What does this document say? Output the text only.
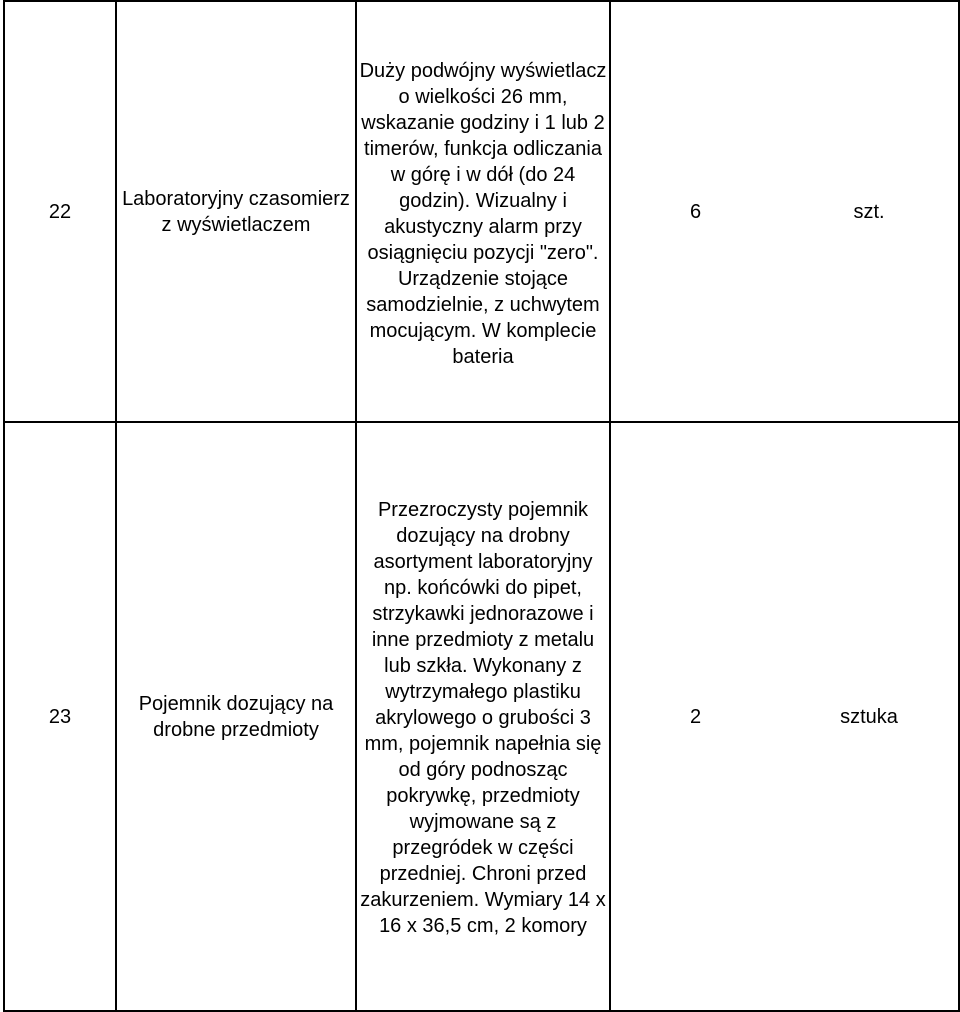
22	Laboratoryjny czasomierz z wyświetlaczem	Duży podwójny wyświetlacz o wielkości 26 mm, wskazanie godziny i 1 lub 2 timerów, funkcja odliczania w górę i w dół (do 24 godzin). Wizualny i akustyczny alarm przy osiągnięciu pozycji "zero". Urządzenie stojące samodzielnie, z uchwytem mocującym. W komplecie bateria	6	szt.
23	Pojemnik dozujący na drobne przedmioty	Przezroczysty pojemnik dozujący na drobny asortyment laboratoryjny np. końcówki do pipet, strzykawki jednorazowe i inne przedmioty z metalu lub szkła. Wykonany z wytrzymałego plastiku akrylowego o grubości 3 mm, pojemnik napełnia się od góry podnosząc pokrywkę, przedmioty wyjmowane są z przegródek w części przedniej. Chroni przed zakurzeniem. Wymiary 14 x 16 x 36,5 cm, 2 komory	2	sztuka
